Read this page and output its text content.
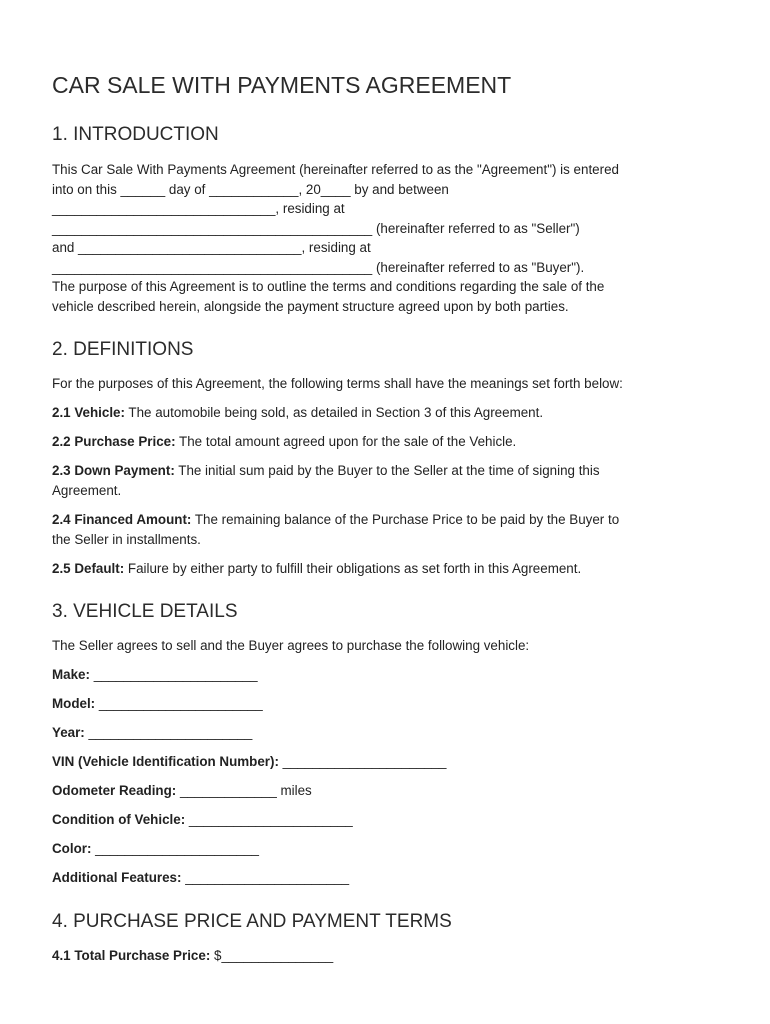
CAR SALE WITH PAYMENTS AGREEMENT
1. INTRODUCTION

This Car Sale With Payments Agreement (hereinafter referred to as the "Agreement") is entered

into on this ______ day of ____________, 20____ by and between

______________________________, residing at

___________________________________________ (hereinafter referred to as "Seller")

and ______________________________, residing at

___________________________________________ (hereinafter referred to as "Buyer").

The purpose of this Agreement is to outline the terms and conditions regarding the sale of the

vehicle described herein, alongside the payment structure agreed upon by both parties.

2. DEFINITIONS

For the purposes of this Agreement, the following terms shall have the meanings set forth below:

2.1 Vehicle: The automobile being sold, as detailed in Section 3 of this Agreement.

2.2 Purchase Price: The total amount agreed upon for the sale of the Vehicle.

2.3 Down Payment: The initial sum paid by the Buyer to the Seller at the time of signing this

Agreement.

2.4 Financed Amount: The remaining balance of the Purchase Price to be paid by the Buyer to

the Seller in installments.

2.5 Default: Failure by either party to fulfill their obligations as set forth in this Agreement.

3. VEHICLE DETAILS

The Seller agrees to sell and the Buyer agrees to purchase the following vehicle:

Make: ______________________

Model: ______________________

Year: ______________________

VIN (Vehicle Identification Number): ______________________

Odometer Reading: _____________ miles

Condition of Vehicle: ______________________

Color: ______________________

Additional Features: ______________________

4. PURCHASE PRICE AND PAYMENT TERMS

4.1 Total Purchase Price: $_______________
